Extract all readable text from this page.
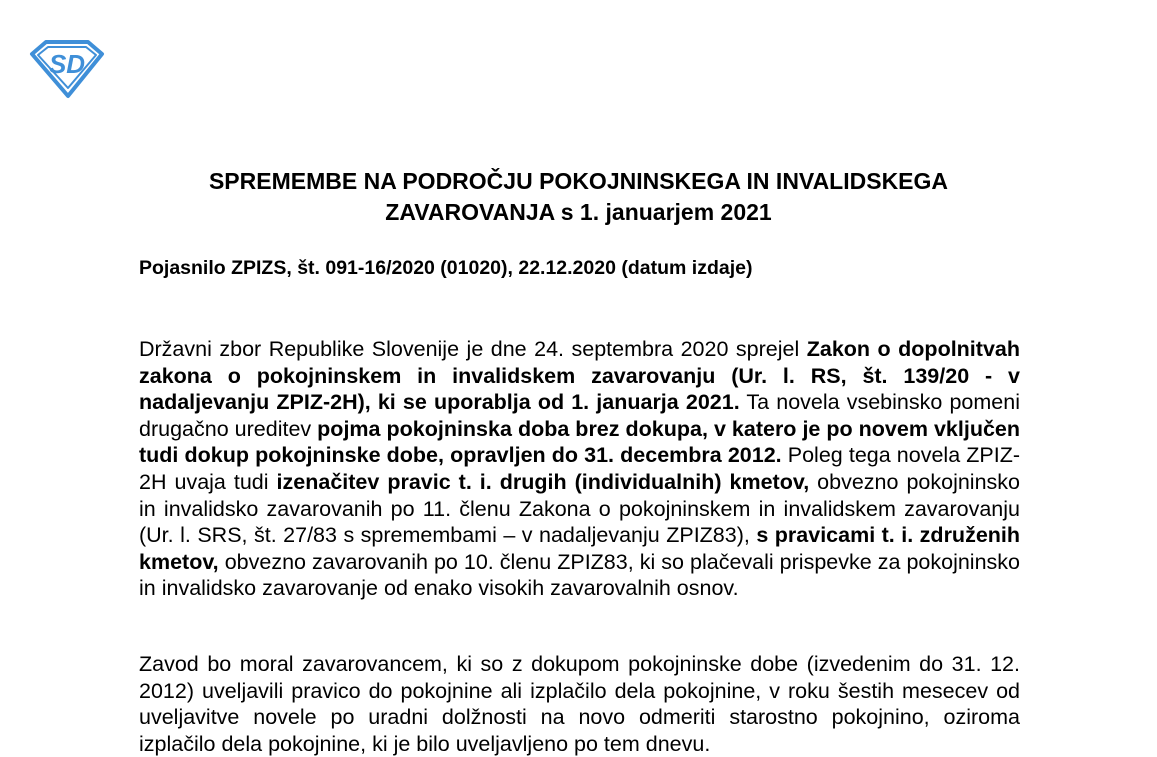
SD
SPREMEMBE NA PODROČJU POKOJNINSKEGA IN INVALIDSKEGA
ZAVAROVANJA s 1. januarjem 2021
Pojasnilo ZPIZS, št. 091-16/2020 (01020), 22.12.2020 (datum izdaje)
Državni zbor Republike Slovenije je dne 24. septembra 2020 sprejel Zakon o dopolnitvah zakona o pokojninskem in invalidskem zavarovanju (Ur. l. RS, št. 139/20 - v nadaljevanju ZPIZ-2H), ki se uporablja od 1. januarja 2021. Ta novela vsebinsko pomeni drugačno ureditev pojma pokojninska doba brez dokupa, v katero je po novem vključen tudi dokup pokojninske dobe, opravljen do 31. decembra 2012. Poleg tega novela ZPIZ-2H uvaja tudi izenačitev pravic t. i. drugih (individualnih) kmetov, obvezno pokojninsko in invalidsko zavarovanih po 11. členu Zakona o pokojninskem in invalidskem zavarovanju (Ur. l. SRS, št. 27/83 s spremembami – v nadaljevanju ZPIZ83), s pravicami t. i. združenih kmetov, obvezno zavarovanih po 10. členu ZPIZ83, ki so plačevali prispevke za pokojninsko in invalidsko zavarovanje od enako visokih zavarovalnih osnov.
Zavod bo moral zavarovancem, ki so z dokupom pokojninske dobe (izvedenim do 31. 12. 2012) uveljavili pravico do pokojnine ali izplačilo dela pokojnine, v roku šestih mesecev od uveljavitve novele po uradni dolžnosti na novo odmeriti starostno pokojnino, oziroma izplačilo dela pokojnine, ki je bilo uveljavljeno po tem dnevu.
